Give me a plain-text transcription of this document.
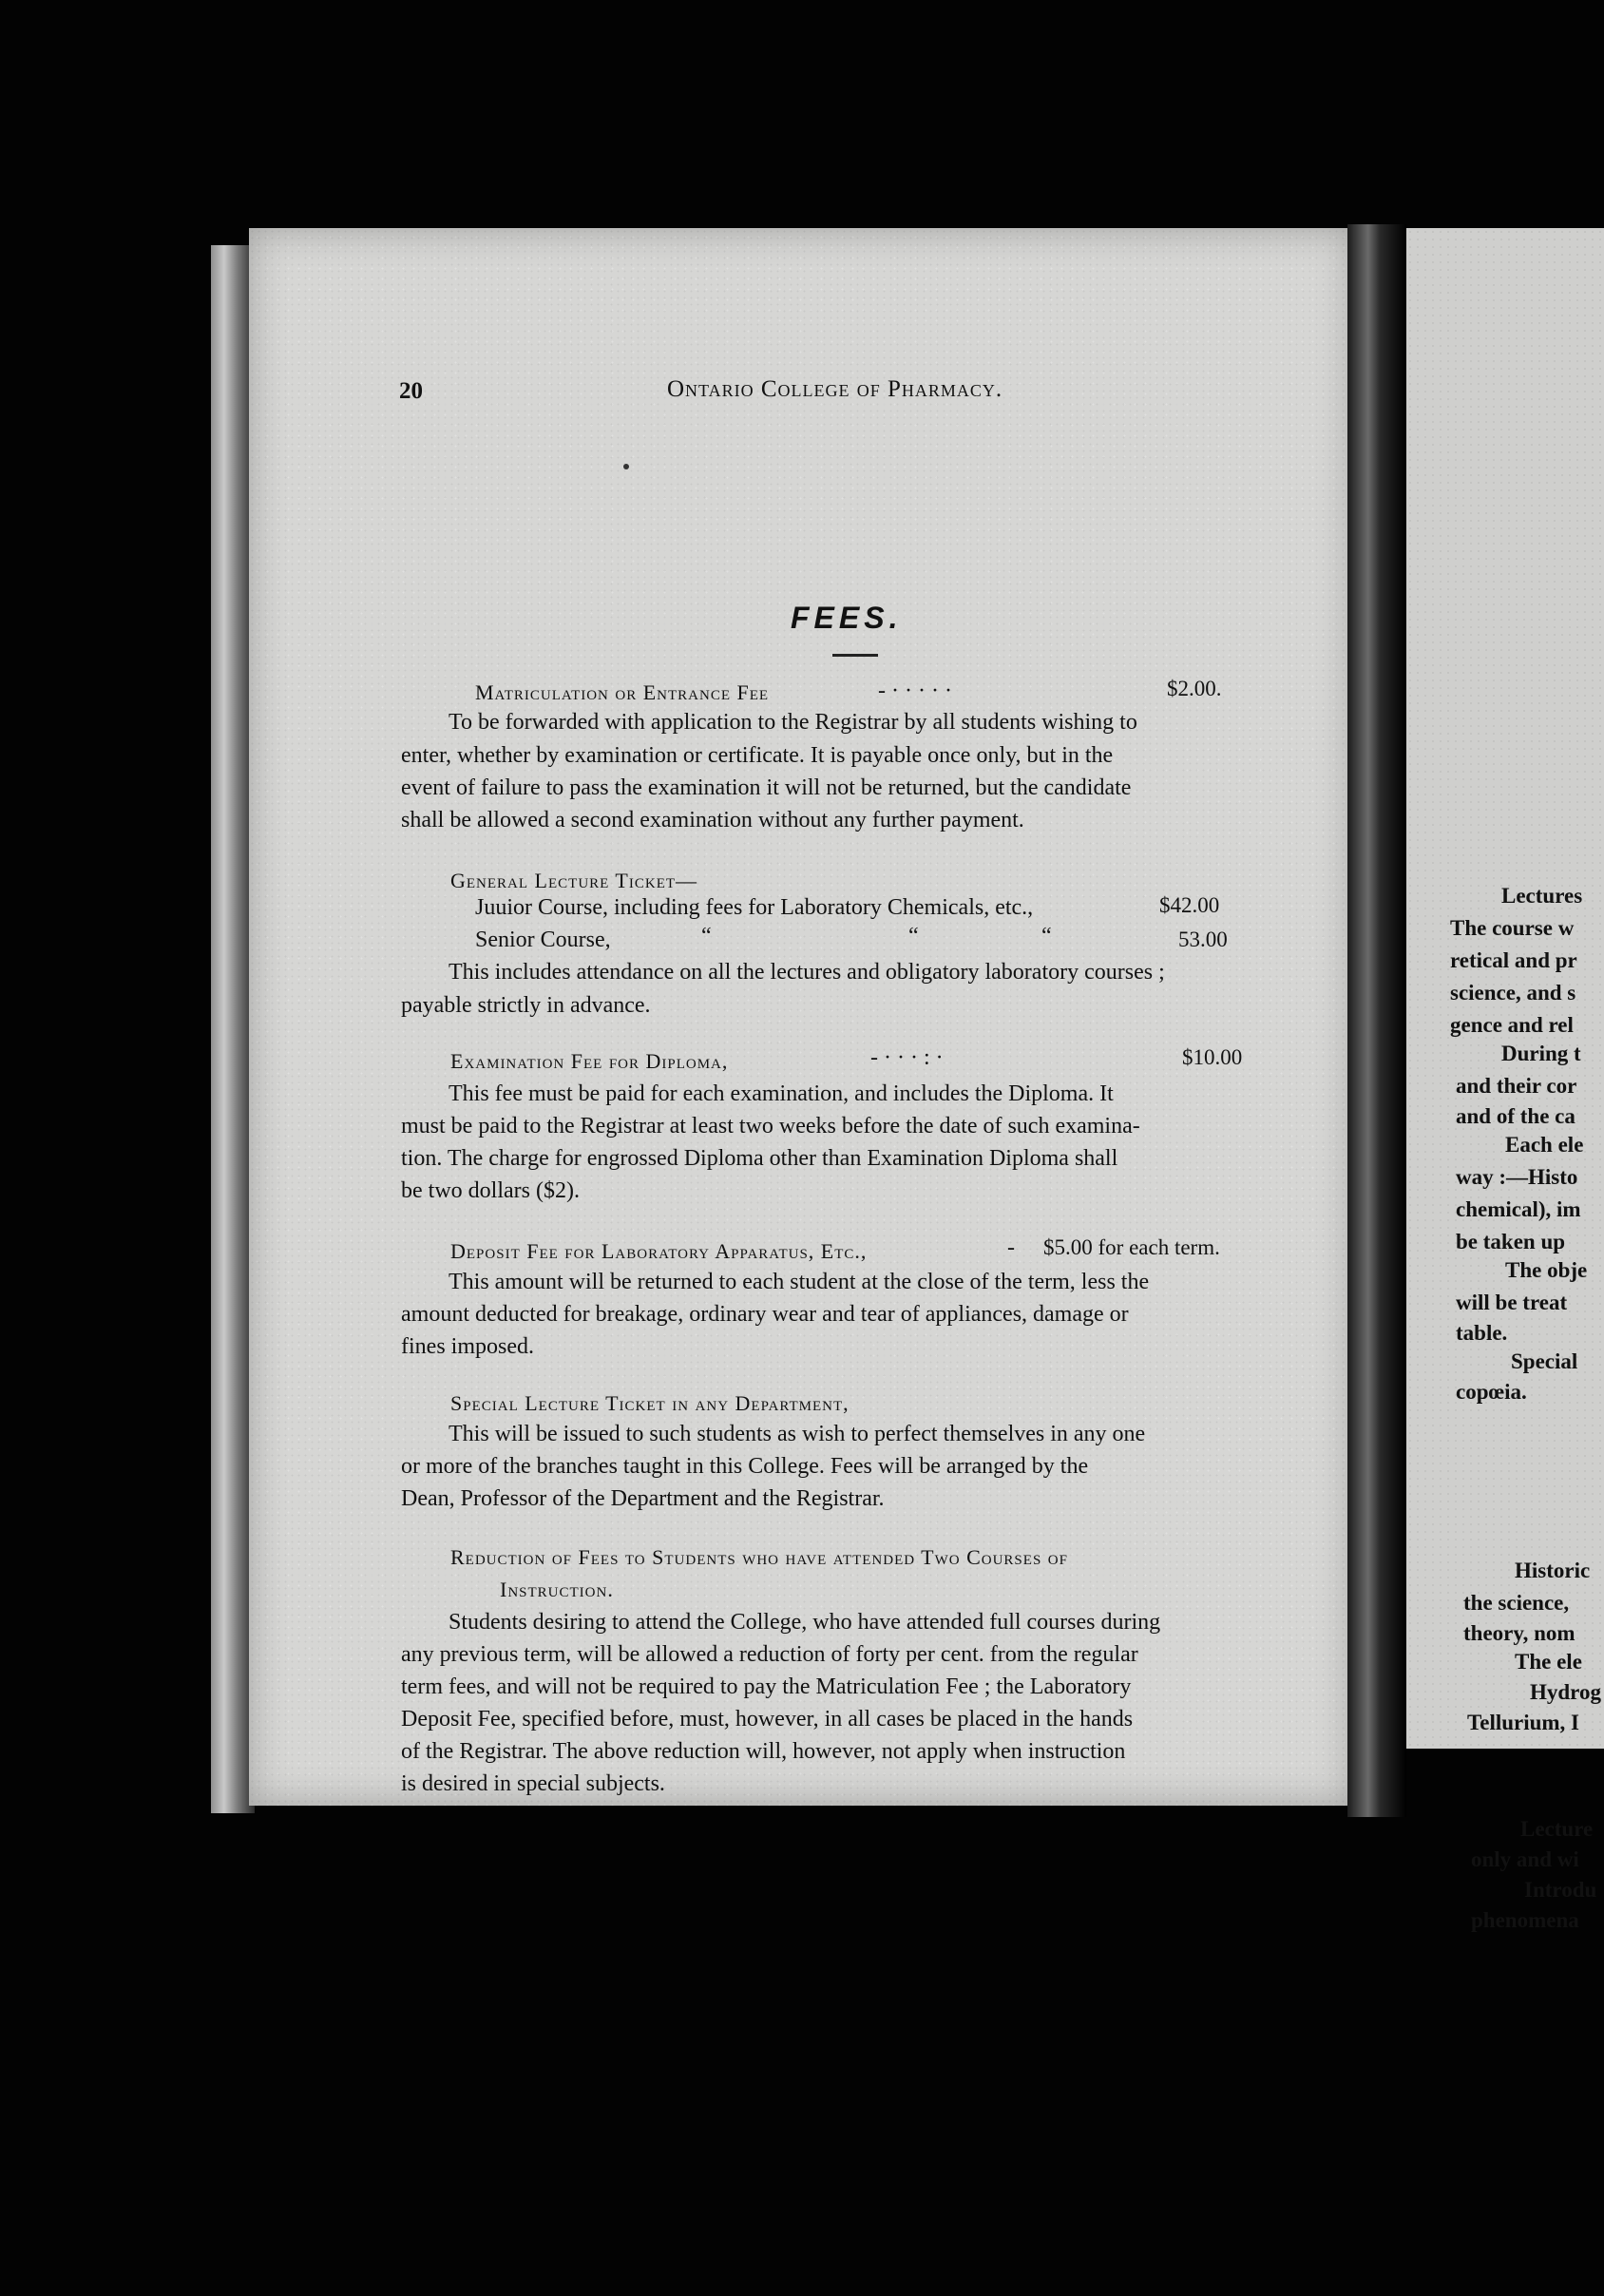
20	Ontario College of Pharmacy.
FEES.
Matriculation or Entrance Fee	- · · · · ·	$2.00.
To be forwarded with application to the Registrar by all students wishing to
enter, whether by examination or certificate. It is payable once only, but in the
event of failure to pass the examination it will not be returned, but the candidate
shall be allowed a second examination without any further payment.
General Lecture Ticket—
Juuior Course, including fees for Laboratory Chemicals, etc.,	$42.00
Senior Course,	“	“	“	53.00
This includes attendance on all the lectures and obligatory laboratory courses ;
payable strictly in advance.
Examination Fee for Diploma,	- · · · : ·	$10.00
This fee must be paid for each examination, and includes the Diploma. It
must be paid to the Registrar at least two weeks before the date of such examina-
tion. The charge for engrossed Diploma other than Examination Diploma shall
be two dollars ($2).
Deposit Fee for Laboratory Apparatus, Etc.,	- $5.00 for each term.
This amount will be returned to each student at the close of the term, less the
amount deducted for breakage, ordinary wear and tear of appliances, damage or
fines imposed.
Special Lecture Ticket in any Department,
This will be issued to such students as wish to perfect themselves in any one
or more of the branches taught in this College. Fees will be arranged by the
Dean, Professor of the Department and the Registrar.
Reduction of Fees to Students who have attended Two Courses of
Instruction.
Students desiring to attend the College, who have attended full courses during
any previous term, will be allowed a reduction of forty per cent. from the regular
term fees, and will not be required to pay the Matriculation Fee ; the Laboratory
Deposit Fee, specified before, must, however, in all cases be placed in the hands
of the Registrar. The above reduction will, however, not apply when instruction
is desired in special subjects.
Lectures
The course w
retical and pr
science, and s
gence and rel
During t
and their cor
and of the ca
Each ele
way :—Histo
chemical), im
be taken up
The obje
will be treat
table.
Special
copœia.
Historic
the science,
theory, nom
The ele
Hydrog
Tellurium, I
Lecture
only and wi
Introdu
phenomena
